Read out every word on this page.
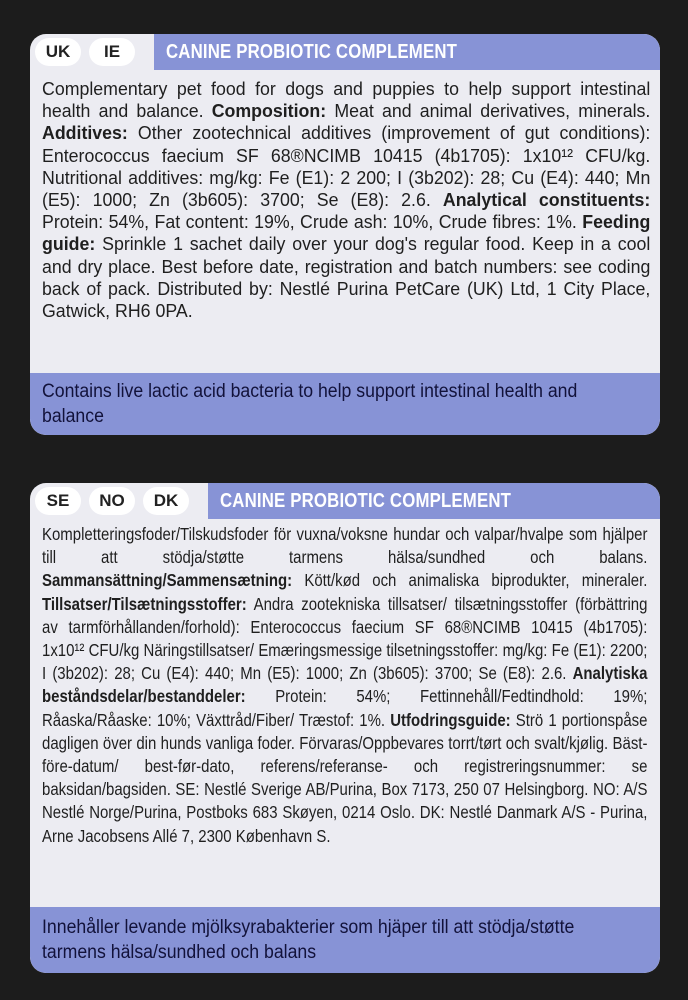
UK	IE	CANINE PROBIOTIC COMPLEMENT
Complementary pet food for dogs and puppies to help support intestinal health and balance. Composition: Meat and animal derivatives, minerals. Additives: Other zootechnical additives (improvement of gut conditions): Enterococcus faecium SF 68®NCIMB 10415 (4b1705): 1x10¹² CFU/kg. Nutritional additives: mg/kg: Fe (E1): 2 200; I (3b202): 28; Cu (E4): 440; Mn (E5): 1000; Zn (3b605): 3700; Se (E8): 2.6. Analytical constituents: Protein: 54%, Fat content: 19%, Crude ash: 10%, Crude fibres: 1%. Feeding guide: Sprinkle 1 sachet daily over your dog's regular food. Keep in a cool and dry place. Best before date, registration and batch numbers: see coding back of pack. Distributed by: Nestlé Purina PetCare (UK) Ltd, 1 City Place, Gatwick, RH6 0PA.
Contains live lactic acid bacteria to help support intestinal health and balance
SE	NO	DK	CANINE PROBIOTIC COMPLEMENT
Kompletteringsfoder/Tilskudsfoder för vuxna/voksne hundar och valpar/hvalpe som hjälper till att stödja/støtte tarmens hälsa/sundhed och balans. Sammansättning/Sammensætning: Kött/kød och animaliska biprodukter, mineraler. Tillsatser/Tilsætningsstoffer: Andra zootekniska tillsatser/ tilsætningsstoffer (förbättring av tarmförhållanden/forhold): Enterococcus faecium SF 68®NCIMB 10415 (4b1705): 1x10¹² CFU/kg Näringstillsatser/ Emæringsmessige tilsetningsstoffer: mg/kg: Fe (E1): 2200; I (3b202): 28; Cu (E4): 440; Mn (E5): 1000; Zn (3b605): 3700; Se (E8): 2.6. Analytiska beståndsdelar/bestanddeler: Protein: 54%; Fettinnehåll/Fedtindhold: 19%; Råaska/Råaske: 10%; Växttråd/Fiber/ Træstof: 1%. Utfodringsguide: Strö 1 portionspåse dagligen över din hunds vanliga foder. Förvaras/Oppbevares torrt/tørt och svalt/kjølig. Bäst-före-datum/ best-før-dato, referens/referanse- och registreringsnummer: se baksidan/bagsiden. SE: Nestlé Sverige AB/Purina, Box 7173, 250 07 Helsingborg. NO: A/S Nestlé Norge/Purina, Postboks 683 Skøyen, 0214 Oslo. DK: Nestlé Danmark A/S - Purina, Arne Jacobsens Allé 7, 2300 København S.
Innehåller levande mjölksyrabakterier som hjäper till att stödja/støtte tarmens hälsa/sundhed och balans
